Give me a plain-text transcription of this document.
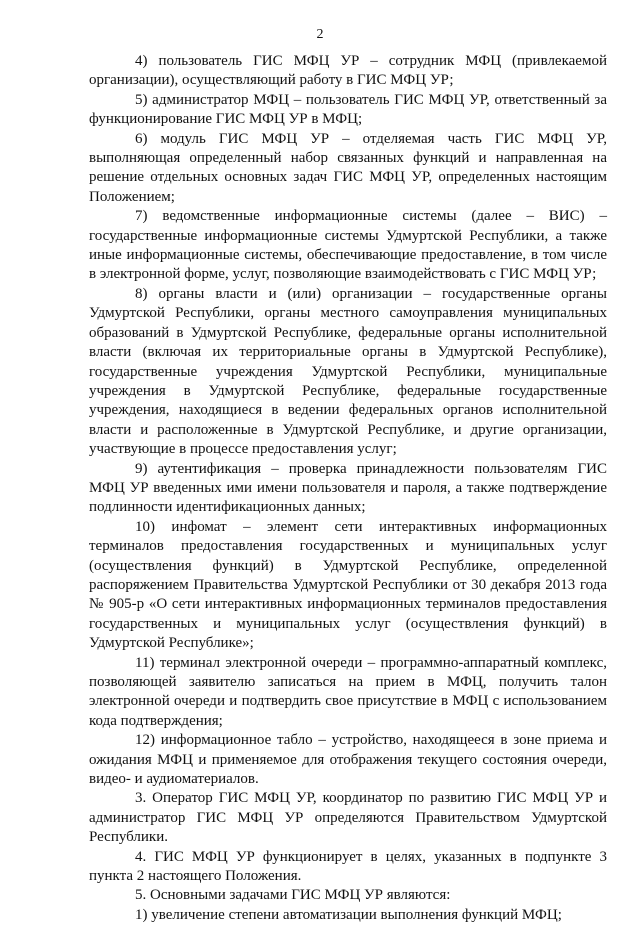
2

4) пользователь ГИС МФЦ УР – сотрудник МФЦ (привлекаемой организации), осуществляющий работу в ГИС МФЦ УР;

5) администратор МФЦ – пользователь ГИС МФЦ УР, ответственный за функционирование ГИС МФЦ УР в МФЦ;

6) модуль ГИС МФЦ УР – отделяемая часть ГИС МФЦ УР, выполняющая определенный набор связанных функций и направленная на решение отдельных основных задач ГИС МФЦ УР, определенных настоящим Положением;

7) ведомственные информационные системы (далее – ВИС) – государственные информационные системы Удмуртской Республики, а также иные информационные системы, обеспечивающие предоставление, в том числе в электронной форме, услуг, позволяющие взаимодействовать с ГИС МФЦ УР;

8) органы власти и (или) организации – государственные органы Удмуртской Республики, органы местного самоуправления муниципальных образований в Удмуртской Республике, федеральные органы исполнительной власти (включая их территориальные органы в Удмуртской Республике), государственные учреждения Удмуртской Республики, муниципальные учреждения в Удмуртской Республике, федеральные государственные учреждения, находящиеся в ведении федеральных органов исполнительной власти и расположенные в Удмуртской Республике, и другие организации, участвующие в процессе предоставления услуг;

9) аутентификация – проверка принадлежности пользователям ГИС МФЦ УР введенных ими имени пользователя и пароля, а также подтверждение подлинности идентификационных данных;

10) инфомат – элемент сети интерактивных информационных терминалов предоставления государственных и муниципальных услуг (осуществления функций) в Удмуртской Республике, определенной распоряжением Правительства Удмуртской Республики от 30 декабря 2013 года № 905-р «О сети интерактивных информационных терминалов предоставления государственных и муниципальных услуг (осуществления функций) в Удмуртской Республике»;

11) терминал электронной очереди – программно-аппаратный комплекс, позволяющей заявителю записаться на прием в МФЦ, получить талон электронной очереди и подтвердить свое присутствие в МФЦ с использованием кода подтверждения;

12) информационное табло – устройство, находящееся в зоне приема и ожидания МФЦ и применяемое для отображения текущего состояния очереди, видео- и аудиоматериалов.

3. Оператор ГИС МФЦ УР, координатор по развитию ГИС МФЦ УР и администратор ГИС МФЦ УР определяются Правительством Удмуртской Республики.

4. ГИС МФЦ УР функционирует в целях, указанных в подпункте 3 пункта 2 настоящего Положения.

5. Основными задачами ГИС МФЦ УР являются:

1) увеличение степени автоматизации выполнения функций МФЦ;
